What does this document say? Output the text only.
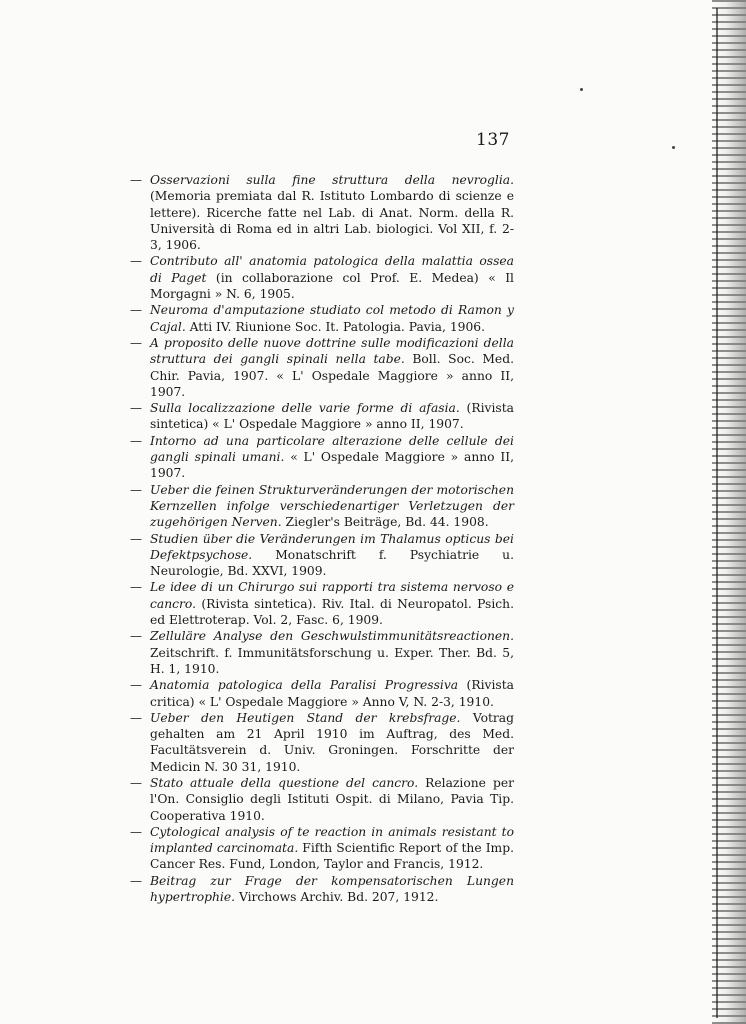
137
— Osservazioni sulla fine struttura della nevroglia. (Memoria premiata dal R. Istituto Lombardo di scienze e lettere). Ricerche fatte nel Lab. di Anat. Norm. della R. Università di Roma ed in altri Lab. biologici. Vol XII, f. 2-3, 1906.
— Contributo all' anatomia patologica della malattia ossea di Paget (in collaborazione col Prof. E. Medea) « Il Morgagni » N. 6, 1905.
— Neuroma d'amputazione studiato col metodo di Ramon y Cajal. Atti IV. Riunione Soc. It. Patologia. Pavia, 1906.
— A proposito delle nuove dottrine sulle modificazioni della struttura dei gangli spinali nella tabe. Boll. Soc. Med. Chir. Pavia, 1907. « L' Ospedale Maggiore » anno II, 1907.
— Sulla localizzazione delle varie forme di afasia. (Rivista sintetica) « L' Ospedale Maggiore » anno II, 1907.
— Intorno ad una particolare alterazione delle cellule dei gangli spinali umani. « L' Ospedale Maggiore » anno II, 1907.
— Ueber die feinen Strukturveränderungen der motorischen Kernzellen infolge verschiedenartiger Verletzugen der zugehörigen Nerven. Ziegler's Beiträge, Bd. 44. 1908.
— Studien über die Veränderungen im Thalamus opticus bei Defektpsychose. Monatschrift f. Psychiatrie u. Neurologie, Bd. XXVI, 1909.
— Le idee di un Chirurgo sui rapporti tra sistema nervoso e cancro. (Rivista sintetica). Riv. Ital. di Neuropatol. Psich. ed Elettroterap. Vol. 2, Fasc. 6, 1909.
— Zelluläre Analyse den Geschwulstimmunitätsreactionen. Zeitschrift. f. Immunitätsforschung u. Exper. Ther. Bd. 5, H. 1, 1910.
— Anatomia patologica della Paralisi Progressiva (Rivista critica) « L' Ospedale Maggiore » Anno V, N. 2-3, 1910.
— Ueber den Heutigen Stand der krebsfrage. Votrag gehalten am 21 April 1910 im Auftrag, des Med. Facultätsverein d. Univ. Groningen. Forschritte der Medicin N. 30 31, 1910.
— Stato attuale della questione del cancro. Relazione per l'On. Consiglio degli Istituti Ospit. di Milano, Pavia Tip. Cooperativa 1910.
— Cytological analysis of te reaction in animals resistant to implanted carcinomata. Fifth Scientific Report of the Imp. Cancer Res. Fund, London, Taylor and Francis, 1912.
— Beitrag zur Frage der kompensatorischen Lungen hypertrophie. Virchows Archiv. Bd. 207, 1912.
